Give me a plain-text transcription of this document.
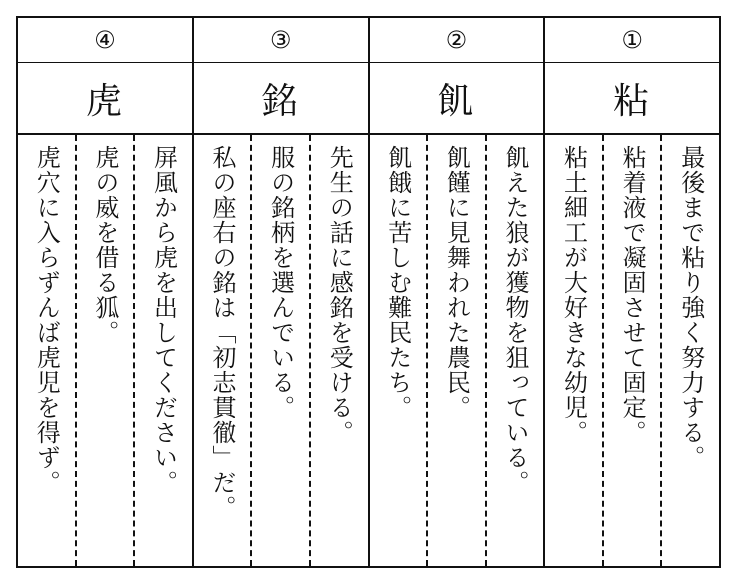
①
粘
最後まで粘り強く努力する。
粘着液で凝固させて固定。
粘土細工が大好きな幼児。
②
飢
飢えた狼が獲物を狙っている。
飢饉に見舞われた農民。
飢餓に苦しむ難民たち。
③
銘
先生の話に感銘を受ける。
服の銘柄を選んでいる。
私の座右の銘は「初志貫徹」だ。
④
虎
屏風から虎を出してください。
虎の威を借る狐。
虎穴に入らずんば虎児を得ず。
